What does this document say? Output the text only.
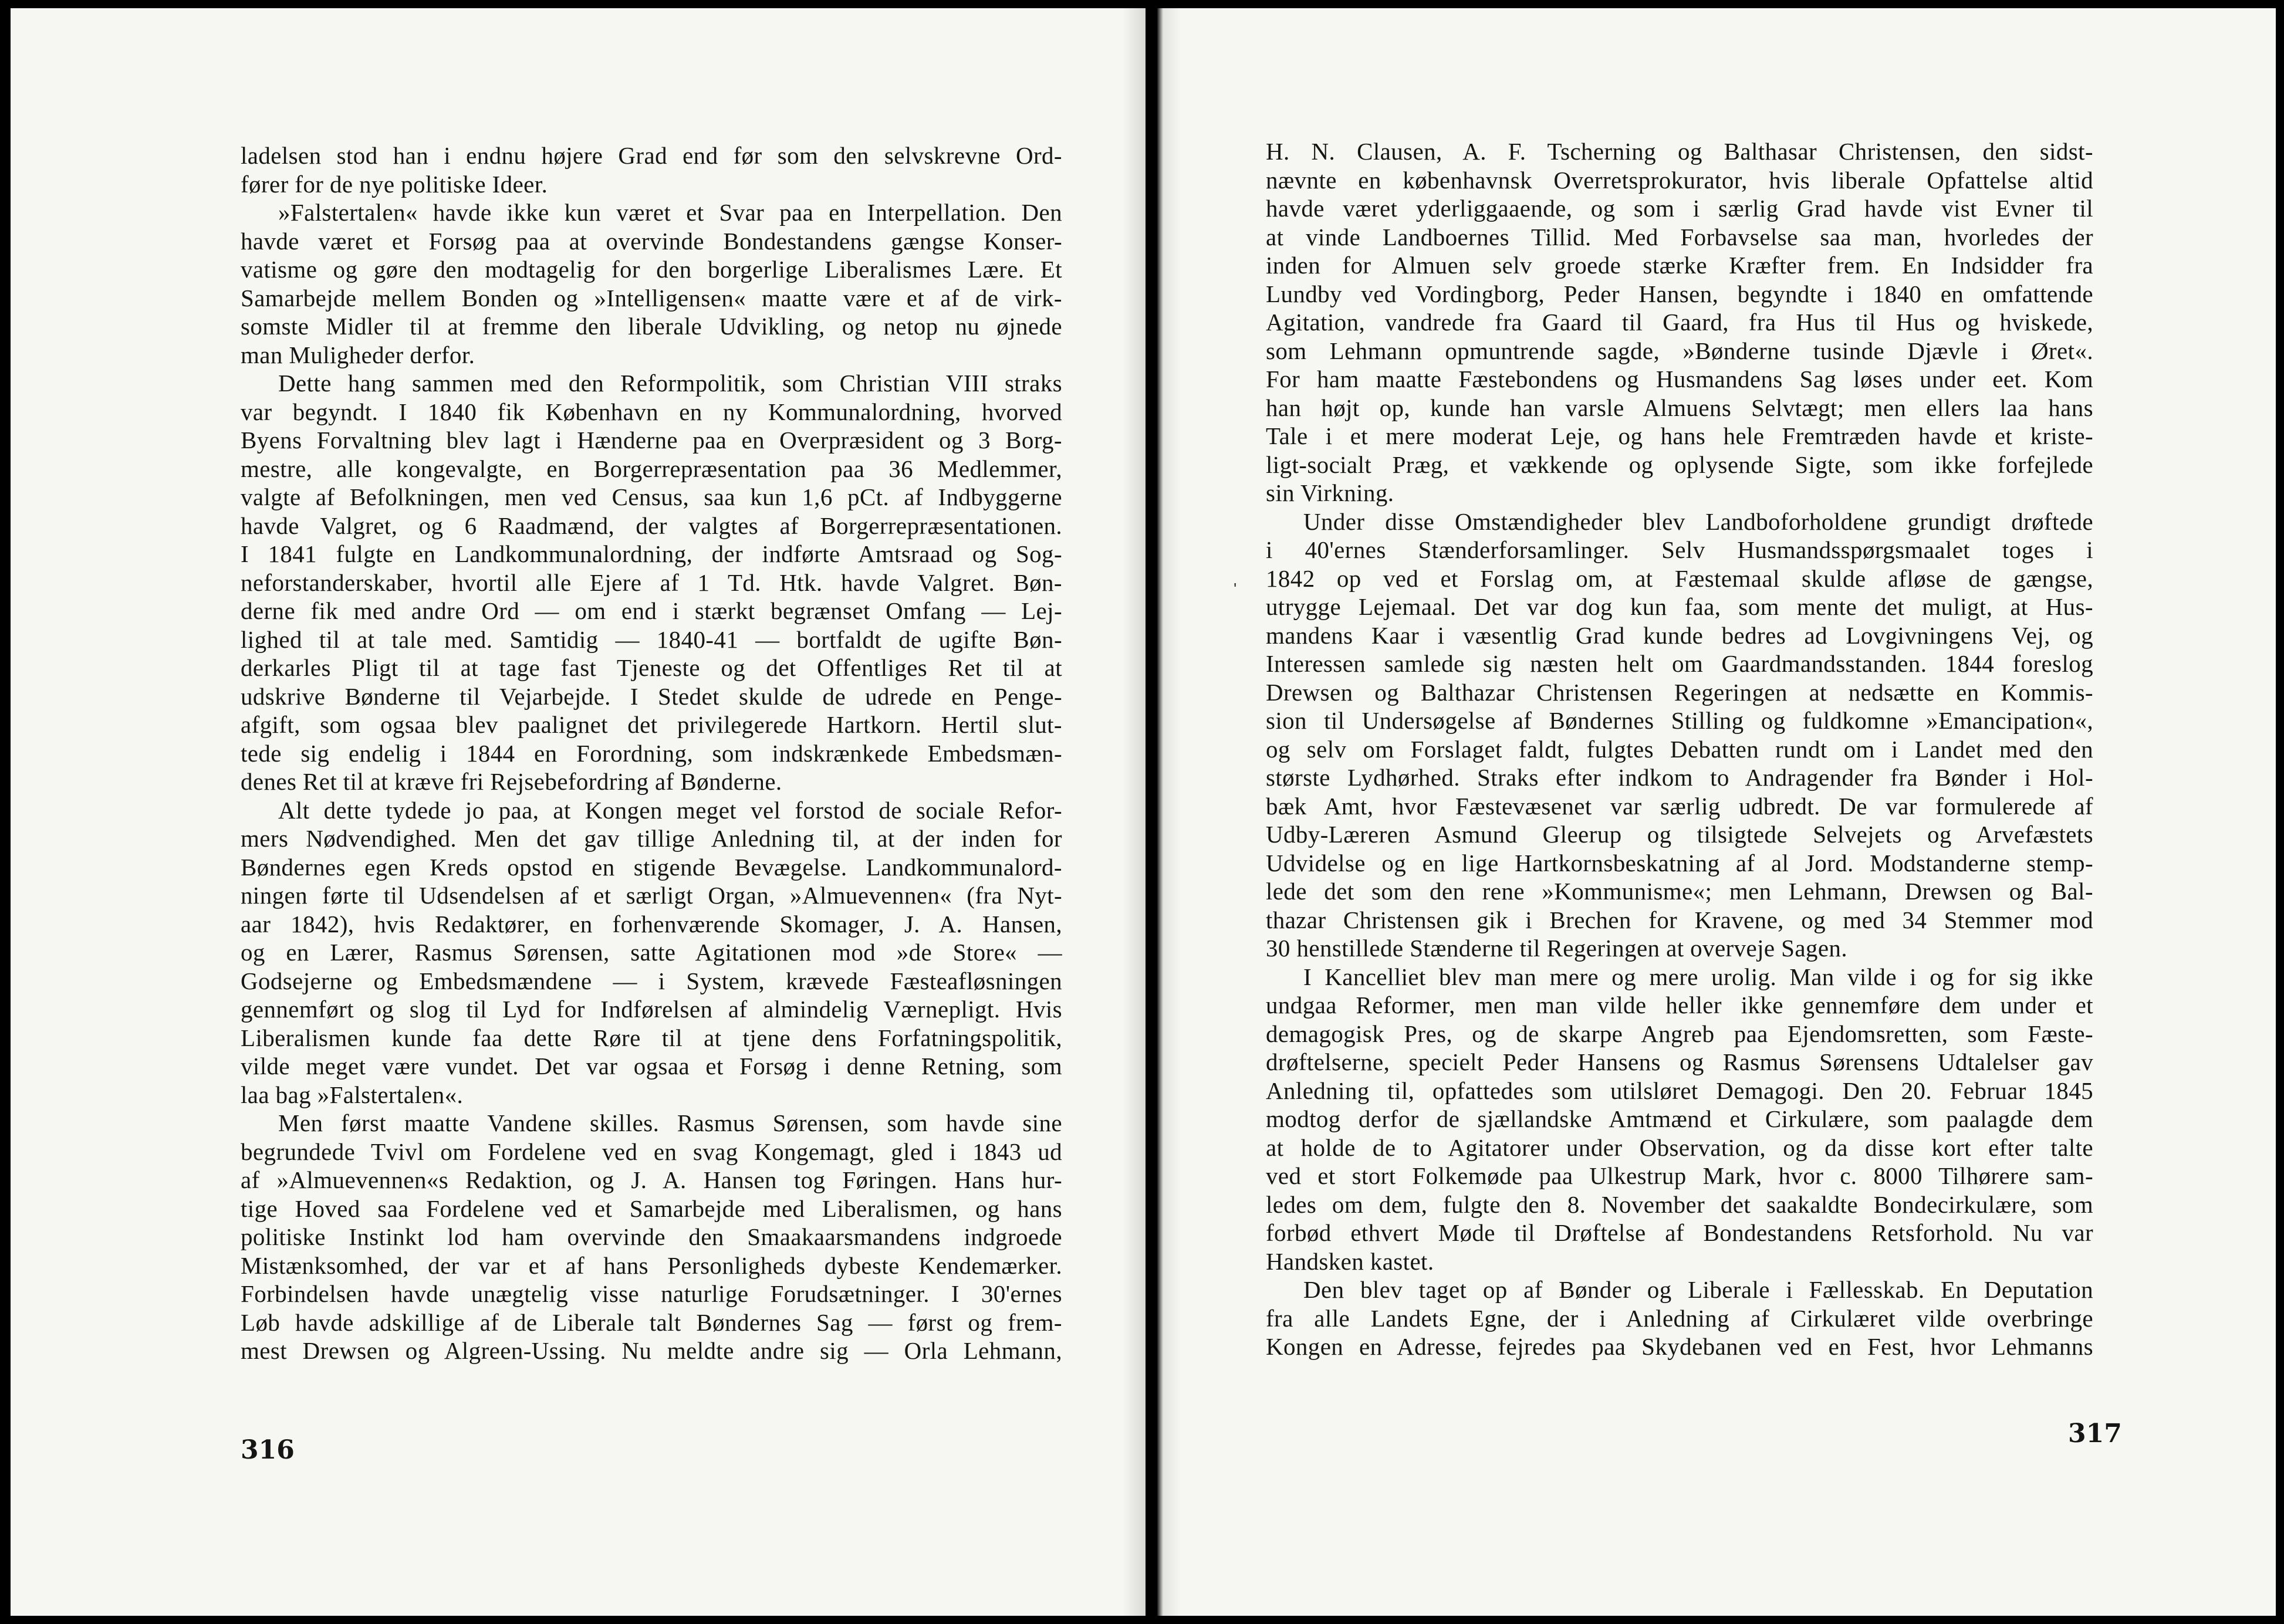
ladelsen stod han i endnu højere Grad end før som den selvskrevne Ord-
fører for de nye politiske Ideer.
»Falstertalen« havde ikke kun været et Svar paa en Interpellation. Den
havde været et Forsøg paa at overvinde Bondestandens gængse Konser-
vatisme og gøre den modtagelig for den borgerlige Liberalismes Lære. Et
Samarbejde mellem Bonden og »Intelligensen« maatte være et af de virk-
somste Midler til at fremme den liberale Udvikling, og netop nu øjnede
man Muligheder derfor.
Dette hang sammen med den Reformpolitik, som Christian VIII straks
var begyndt. I 1840 fik København en ny Kommunalordning, hvorved
Byens Forvaltning blev lagt i Hænderne paa en Overpræsident og 3 Borg-
mestre, alle kongevalgte, en Borgerrepræsentation paa 36 Medlemmer,
valgte af Befolkningen, men ved Census, saa kun 1,6 pCt. af Indbyggerne
havde Valgret, og 6 Raadmænd, der valgtes af Borgerrepræsentationen.
I 1841 fulgte en Landkommunalordning, der indførte Amtsraad og Sog-
neforstanderskaber, hvortil alle Ejere af 1 Td. Htk. havde Valgret. Bøn-
derne fik med andre Ord — om end i stærkt begrænset Omfang — Lej-
lighed til at tale med. Samtidig — 1840-41 — bortfaldt de ugifte Bøn-
derkarles Pligt til at tage fast Tjeneste og det Offentliges Ret til at
udskrive Bønderne til Vejarbejde. I Stedet skulde de udrede en Penge-
afgift, som ogsaa blev paalignet det privilegerede Hartkorn. Hertil slut-
tede sig endelig i 1844 en Forordning, som indskrænkede Embedsmæn-
denes Ret til at kræve fri Rejsebefordring af Bønderne.
Alt dette tydede jo paa, at Kongen meget vel forstod de sociale Refor-
mers Nødvendighed. Men det gav tillige Anledning til, at der inden for
Bøndernes egen Kreds opstod en stigende Bevægelse. Landkommunalord-
ningen førte til Udsendelsen af et særligt Organ, »Almuevennen« (fra Nyt-
aar 1842), hvis Redaktører, en forhenværende Skomager, J. A. Hansen,
og en Lærer, Rasmus Sørensen, satte Agitationen mod »de Store« —
Godsejerne og Embedsmændene — i System, krævede Fæsteafløsningen
gennemført og slog til Lyd for Indførelsen af almindelig Værnepligt. Hvis
Liberalismen kunde faa dette Røre til at tjene dens Forfatningspolitik,
vilde meget være vundet. Det var ogsaa et Forsøg i denne Retning, som
laa bag »Falstertalen«.
Men først maatte Vandene skilles. Rasmus Sørensen, som havde sine
begrundede Tvivl om Fordelene ved en svag Kongemagt, gled i 1843 ud
af »Almuevennen«s Redaktion, og J. A. Hansen tog Føringen. Hans hur-
tige Hoved saa Fordelene ved et Samarbejde med Liberalismen, og hans
politiske Instinkt lod ham overvinde den Smaakaarsmandens indgroede
Mistænksomhed, der var et af hans Personligheds dybeste Kendemærker.
Forbindelsen havde unægtelig visse naturlige Forudsætninger. I 30'ernes
Løb havde adskillige af de Liberale talt Bøndernes Sag — først og frem-
mest Drewsen og Algreen-Ussing. Nu meldte andre sig — Orla Lehmann,
316
'
H. N. Clausen, A. F. Tscherning og Balthasar Christensen, den sidst-
nævnte en københavnsk Overretsprokurator, hvis liberale Opfattelse altid
havde været yderliggaaende, og som i særlig Grad havde vist Evner til
at vinde Landboernes Tillid. Med Forbavselse saa man, hvorledes der
inden for Almuen selv groede stærke Kræfter frem. En Indsidder fra
Lundby ved Vordingborg, Peder Hansen, begyndte i 1840 en omfattende
Agitation, vandrede fra Gaard til Gaard, fra Hus til Hus og hviskede,
som Lehmann opmuntrende sagde, »Bønderne tusinde Djævle i Øret«.
For ham maatte Fæstebondens og Husmandens Sag løses under eet. Kom
han højt op, kunde han varsle Almuens Selvtægt; men ellers laa hans
Tale i et mere moderat Leje, og hans hele Fremtræden havde et kriste-
ligt-socialt Præg, et vækkende og oplysende Sigte, som ikke forfejlede
sin Virkning.
Under disse Omstændigheder blev Landboforholdene grundigt drøftede
i 40'ernes Stænderforsamlinger. Selv Husmandsspørgsmaalet toges i
1842 op ved et Forslag om, at Fæstemaal skulde afløse de gængse,
utrygge Lejemaal. Det var dog kun faa, som mente det muligt, at Hus-
mandens Kaar i væsentlig Grad kunde bedres ad Lovgivningens Vej, og
Interessen samlede sig næsten helt om Gaardmandsstanden. 1844 foreslog
Drewsen og Balthazar Christensen Regeringen at nedsætte en Kommis-
sion til Undersøgelse af Bøndernes Stilling og fuldkomne »Emancipation«,
og selv om Forslaget faldt, fulgtes Debatten rundt om i Landet med den
største Lydhørhed. Straks efter indkom to Andragender fra Bønder i Hol-
bæk Amt, hvor Fæstevæsenet var særlig udbredt. De var formulerede af
Udby-Læreren Asmund Gleerup og tilsigtede Selvejets og Arvefæstets
Udvidelse og en lige Hartkornsbeskatning af al Jord. Modstanderne stemp-
lede det som den rene »Kommunisme«; men Lehmann, Drewsen og Bal-
thazar Christensen gik i Brechen for Kravene, og med 34 Stemmer mod
30 henstillede Stænderne til Regeringen at overveje Sagen.
I Kancelliet blev man mere og mere urolig. Man vilde i og for sig ikke
undgaa Reformer, men man vilde heller ikke gennemføre dem under et
demagogisk Pres, og de skarpe Angreb paa Ejendomsretten, som Fæste-
drøftelserne, specielt Peder Hansens og Rasmus Sørensens Udtalelser gav
Anledning til, opfattedes som utilsløret Demagogi. Den 20. Februar 1845
modtog derfor de sjællandske Amtmænd et Cirkulære, som paalagde dem
at holde de to Agitatorer under Observation, og da disse kort efter talte
ved et stort Folkemøde paa Ulkestrup Mark, hvor c. 8000 Tilhørere sam-
ledes om dem, fulgte den 8. November det saakaldte Bondecirkulære, som
forbød ethvert Møde til Drøftelse af Bondestandens Retsforhold. Nu var
Handsken kastet.
Den blev taget op af Bønder og Liberale i Fællesskab. En Deputation
fra alle Landets Egne, der i Anledning af Cirkulæret vilde overbringe
Kongen en Adresse, fejredes paa Skydebanen ved en Fest, hvor Lehmanns
317
